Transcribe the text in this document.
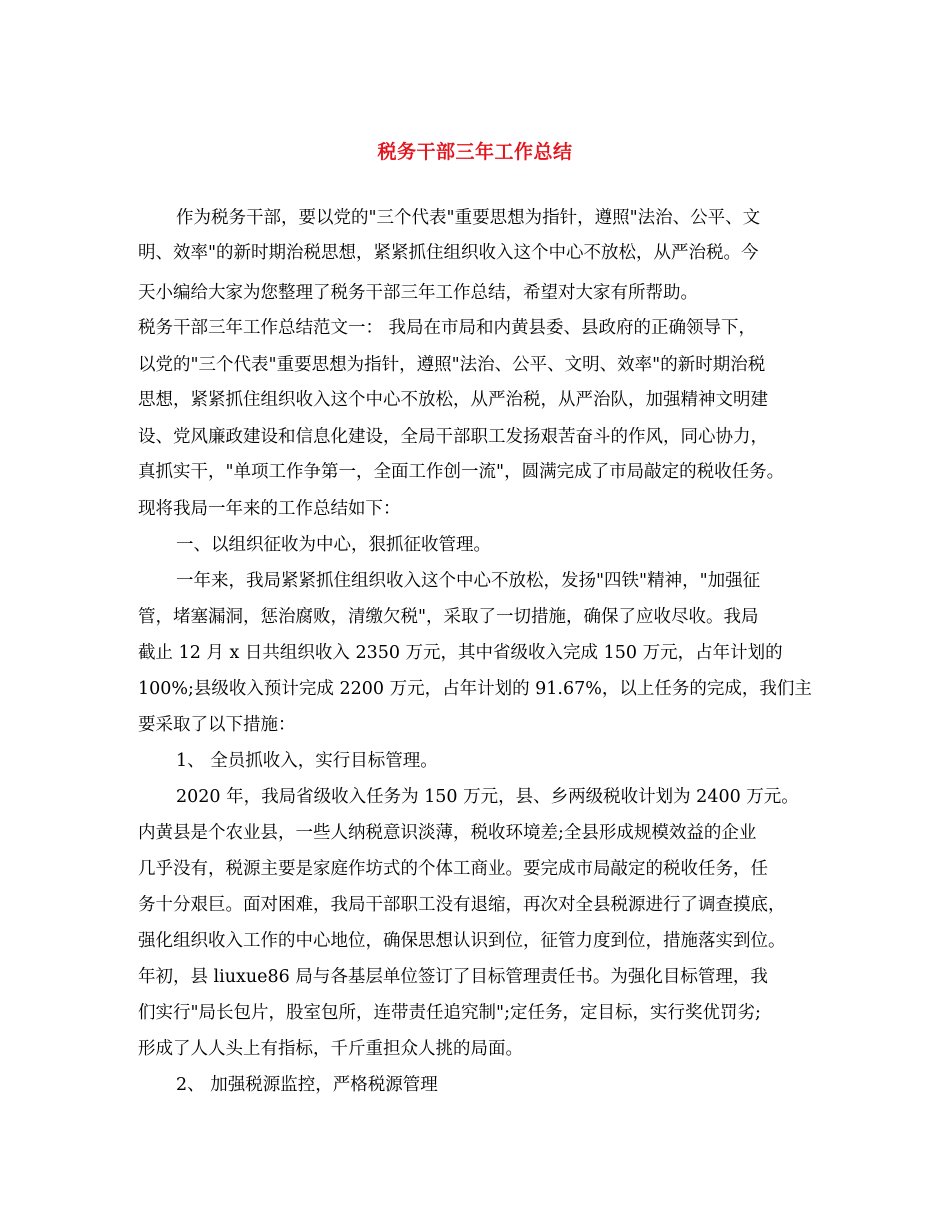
税务干部三年工作总结
作为税务干部，要以党的"三个代表"重要思想为指针，遵照"法治、公平、文
明、效率"的新时期治税思想，紧紧抓住组织收入这个中心不放松，从严治税。今
天小编给大家为您整理了税务干部三年工作总结，希望对大家有所帮助。
税务干部三年工作总结范文一： 我局在市局和内黄县委、县政府的正确领导下，
以党的"三个代表"重要思想为指针，遵照"法治、公平、文明、效率"的新时期治税
思想，紧紧抓住组织收入这个中心不放松，从严治税，从严治队，加强精神文明建
设、党风廉政建设和信息化建设，全局干部职工发扬艰苦奋斗的作风，同心协力，
真抓实干，"单项工作争第一，全面工作创一流"，圆满完成了市局敲定的税收任务。
现将我局一年来的工作总结如下：
一、以组织征收为中心，狠抓征收管理。
一年来，我局紧紧抓住组织收入这个中心不放松，发扬"四铁"精神，"加强征
管，堵塞漏洞，惩治腐败，清缴欠税"，采取了一切措施，确保了应收尽收。我局
截止 12 月 x 日共组织收入 2350 万元，其中省级收入完成 150 万元，占年计划的
100%;县级收入预计完成 2200 万元，占年计划的 91.67%，以上任务的完成，我们主
要采取了以下措施：
1、 全员抓收入，实行目标管理。
2020 年，我局省级收入任务为 150 万元，县、乡两级税收计划为 2400 万元。
内黄县是个农业县，一些人纳税意识淡薄，税收环境差;全县形成规模效益的企业
几乎没有，税源主要是家庭作坊式的个体工商业。要完成市局敲定的税收任务，任
务十分艰巨。面对困难，我局干部职工没有退缩，再次对全县税源进行了调查摸底，
强化组织收入工作的中心地位，确保思想认识到位，征管力度到位，措施落实到位。
年初，县 liuxue86 局与各基层单位签订了目标管理责任书。为强化目标管理，我
们实行"局长包片，股室包所，连带责任追究制";定任务，定目标，实行奖优罚劣;
形成了人人头上有指标，千斤重担众人挑的局面。
2、 加强税源监控，严格税源管理
